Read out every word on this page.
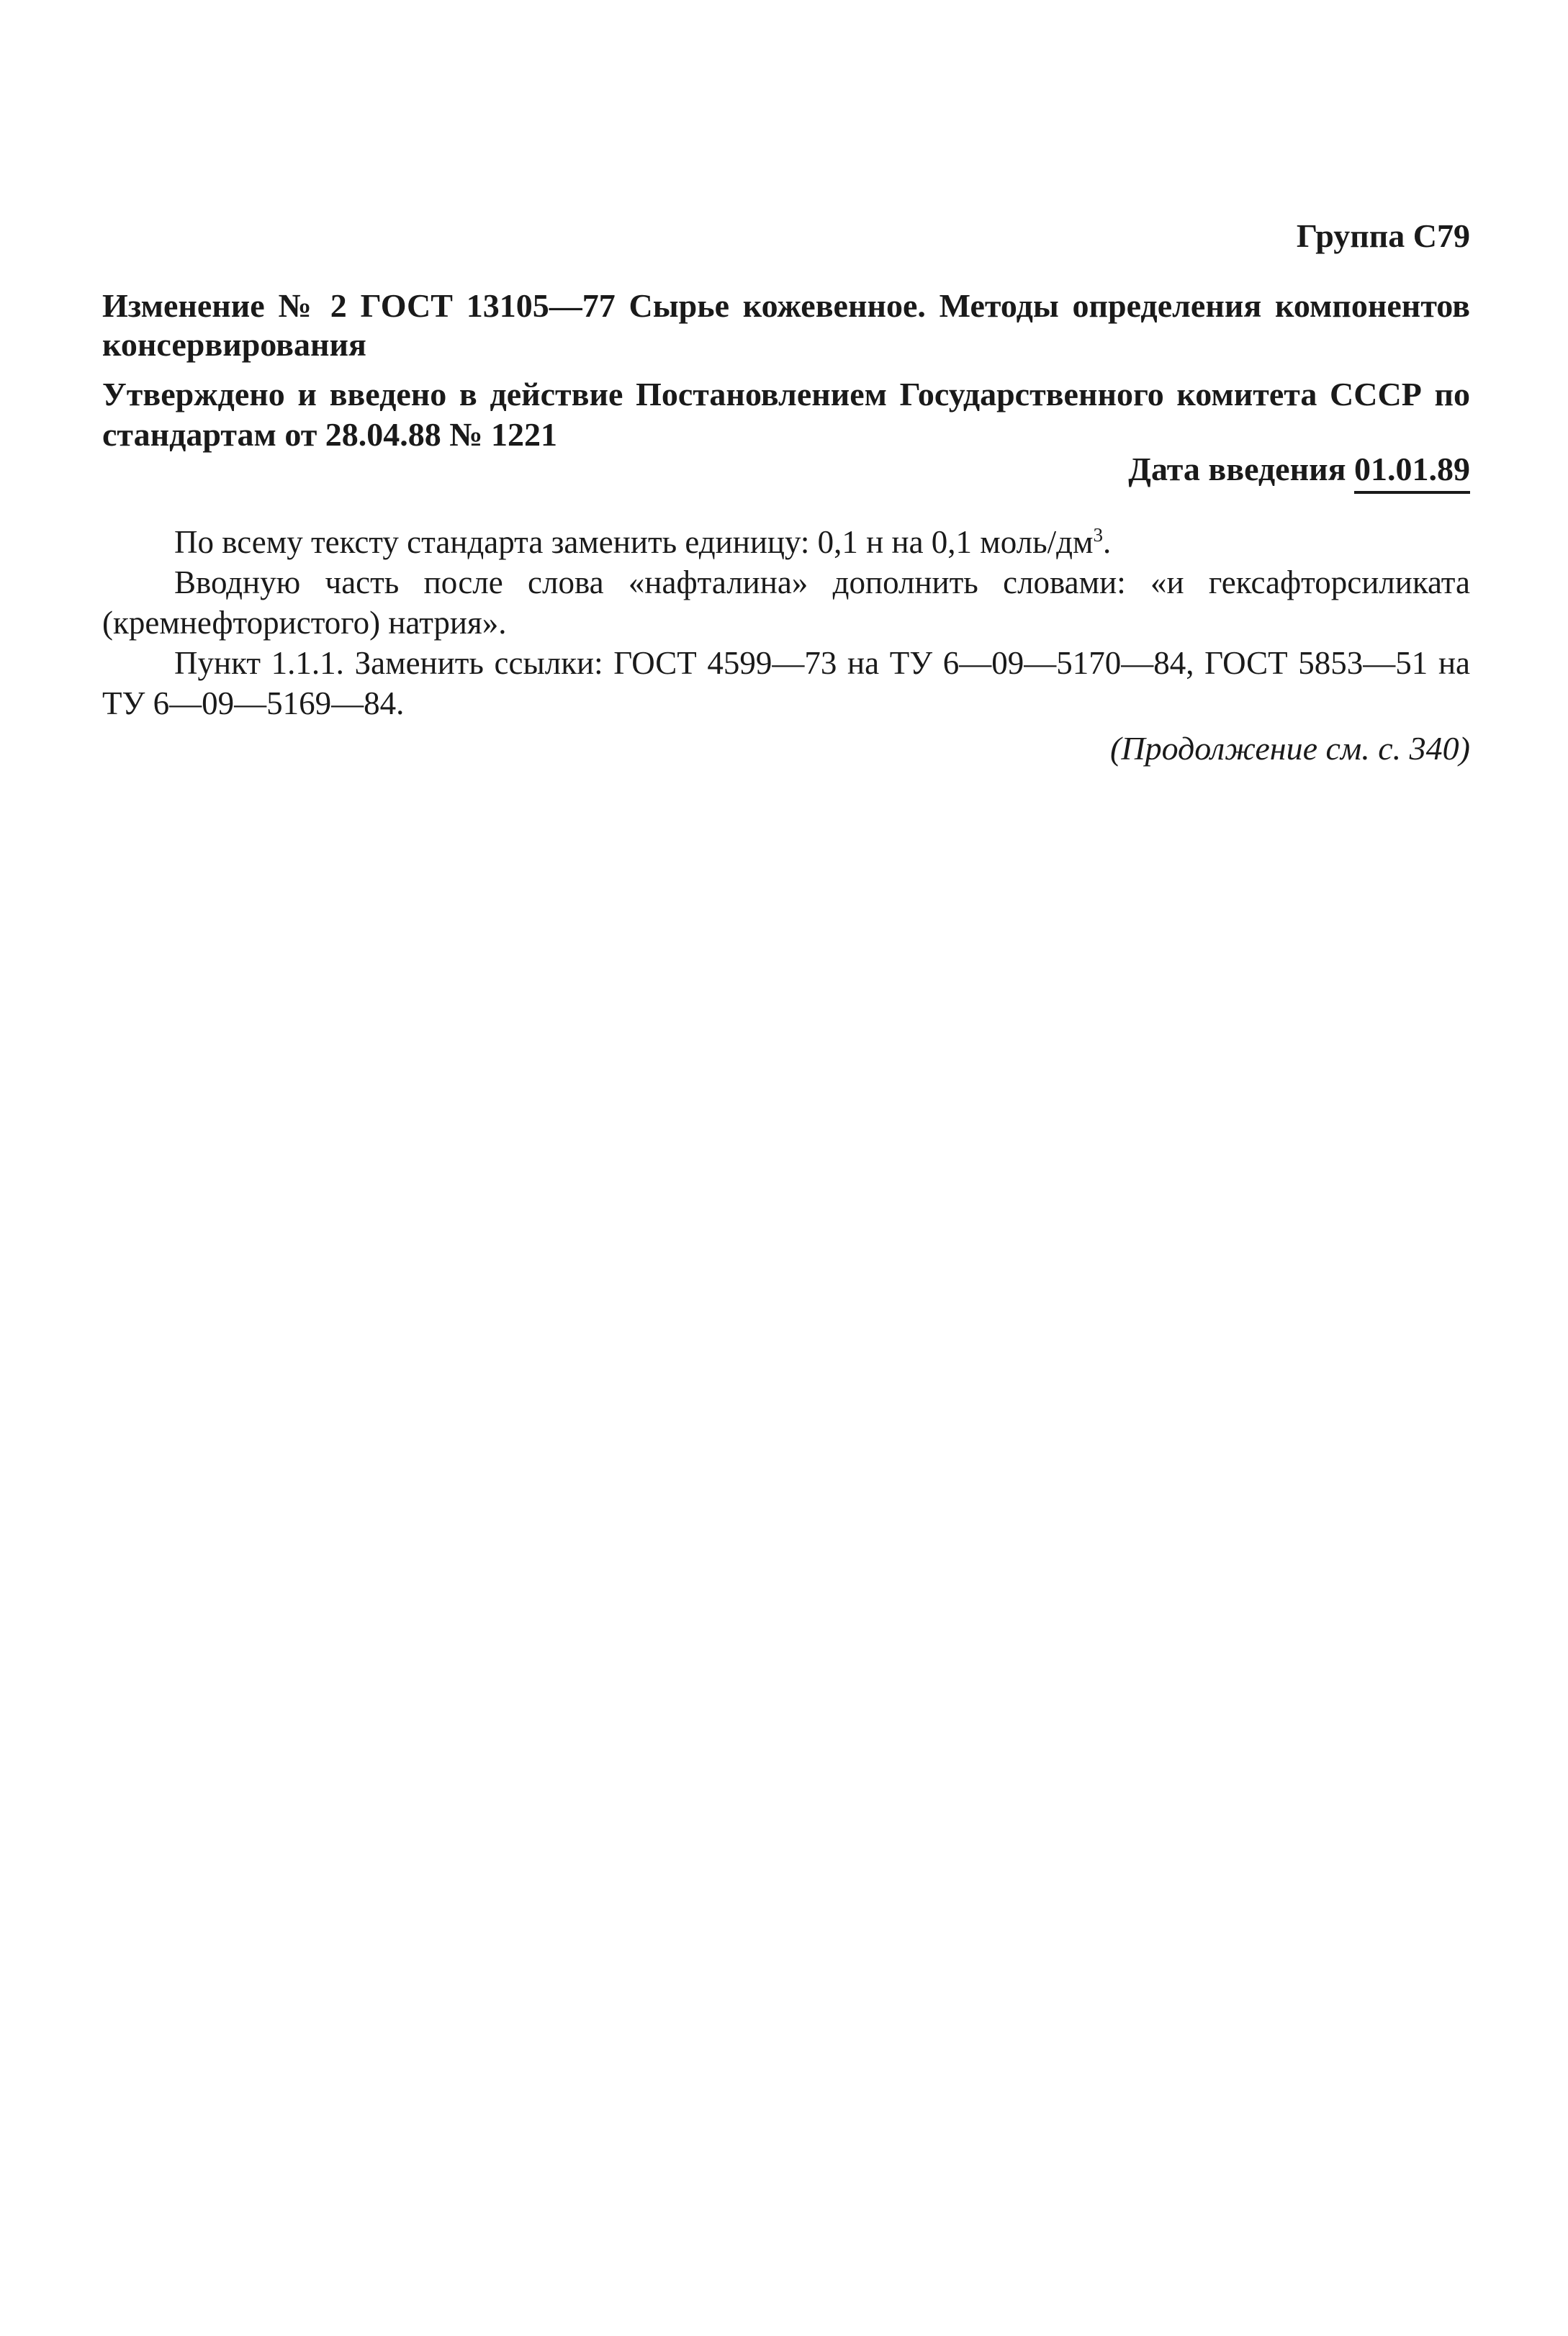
Группа С79
Изменение № 2 ГОСТ 13105—77 Сырье кожевенное. Методы определения компонентов консервирования
Утверждено и введено в действие Постановлением Государственного комитета СССР по стандартам от 28.04.88 № 1221
Дата введения 01.01.89

По всему тексту стандарта заменить единицу: 0,1 н на 0,1 моль/$дм^3$.

Вводную часть после слова «нафталина» дополнить словами: «и гексафторсиликата (кремнефтористого) натрия».

Пункт 1.1.1. Заменить ссылки: ГОСТ 4599—73 на ТУ 6—09—5170—84, ГОСТ 5853—51 на ТУ 6—09—5169—84.

(Продолжение см. с. 340)
